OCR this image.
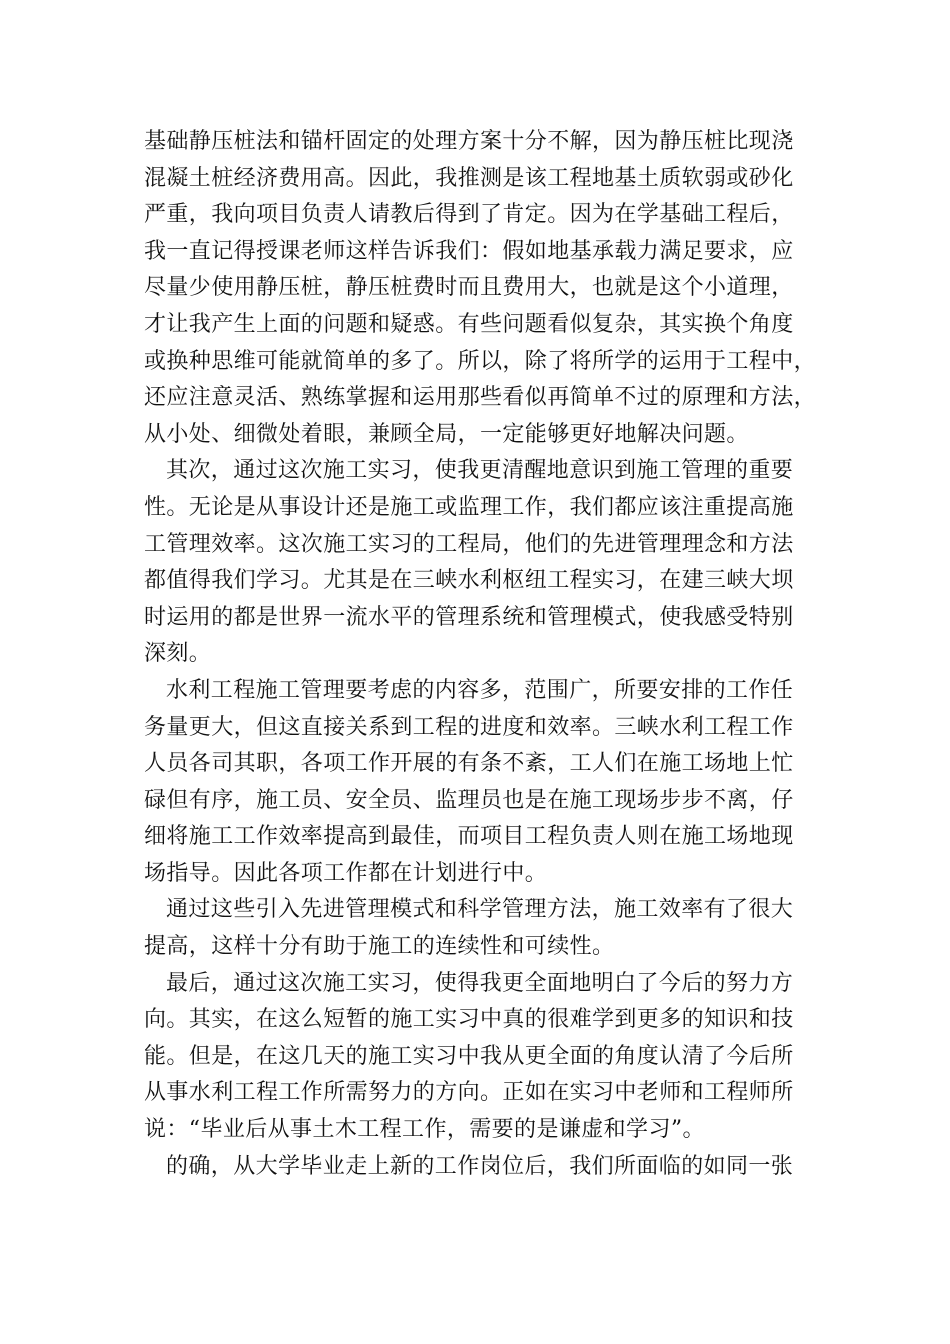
基础静压桩法和锚杆固定的处理方案十分不解，因为静压桩比现浇
混凝土桩经济费用高。因此，我推测是该工程地基土质软弱或砂化
严重，我向项目负责人请教后得到了肯定。因为在学基础工程后，
我一直记得授课老师这样告诉我们：假如地基承载力满足要求，应
尽量少使用静压桩，静压桩费时而且费用大，也就是这个小道理，
才让我产生上面的问题和疑惑。有些问题看似复杂，其实换个角度
或换种思维可能就简单的多了。所以，除了将所学的运用于工程中，
还应注意灵活、熟练掌握和运用那些看似再简单不过的原理和方法，
从小处、细微处着眼，兼顾全局，一定能够更好地解决问题。
其次，通过这次施工实习，使我更清醒地意识到施工管理的重要
性。无论是从事设计还是施工或监理工作，我们都应该注重提高施
工管理效率。这次施工实习的工程局，他们的先进管理理念和方法
都值得我们学习。尤其是在三峡水利枢纽工程实习，在建三峡大坝
时运用的都是世界一流水平的管理系统和管理模式，使我感受特别
深刻。
水利工程施工管理要考虑的内容多，范围广，所要安排的工作任
务量更大，但这直接关系到工程的进度和效率。三峡水利工程工作
人员各司其职，各项工作开展的有条不紊，工人们在施工场地上忙
碌但有序，施工员、安全员、监理员也是在施工现场步步不离，仔
细将施工工作效率提高到最佳，而项目工程负责人则在施工场地现
场指导。因此各项工作都在计划进行中。
通过这些引入先进管理模式和科学管理方法，施工效率有了很大
提高，这样十分有助于施工的连续性和可续性。
最后，通过这次施工实习，使得我更全面地明白了今后的努力方
向。其实，在这么短暂的施工实习中真的很难学到更多的知识和技
能。但是，在这几天的施工实习中我从更全面的角度认清了今后所
从事水利工程工作所需努力的方向。正如在实习中老师和工程师所
说：“毕业后从事土木工程工作，需要的是谦虚和学习”。
的确，从大学毕业走上新的工作岗位后，我们所面临的如同一张
